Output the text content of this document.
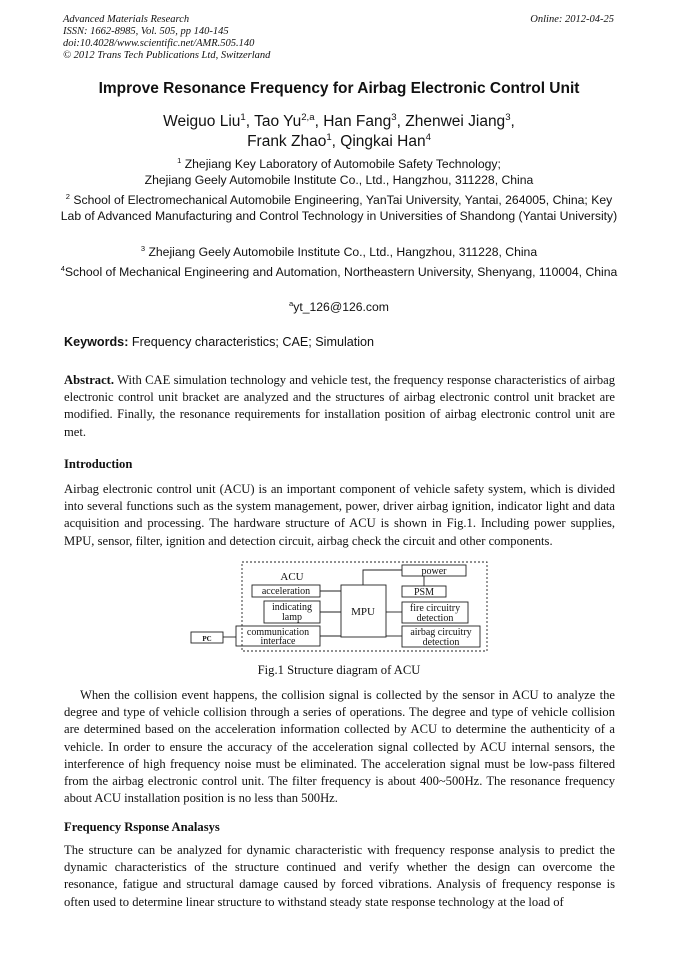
Advanced Materials Research
ISSN: 1662-8985, Vol. 505, pp 140-145
doi:10.4028/www.scientific.net/AMR.505.140
© 2012 Trans Tech Publications Ltd, Switzerland
Online: 2012-04-25
Improve Resonance Frequency for Airbag Electronic Control Unit
Weiguo Liu$^1$, Tao Yu$^{2,a}$, Han Fang$^3$, Zhenwei Jiang$^3$,
Frank Zhao$^1$, Qingkai Han$^4$
$^1$ Zhejiang Key Laboratory of Automobile Safety Technology;
Zhejiang Geely Automobile Institute Co., Ltd., Hangzhou, 311228, China
$^2$ School of Electromechanical Automobile Engineering, YanTai University, Yantai, 264005, China; Key Lab of Advanced Manufacturing and Control Technology in Universities of Shandong (Yantai University)
$^3$ Zhejiang Geely Automobile Institute Co., Ltd., Hangzhou, 311228, China
$^4$School of Mechanical Engineering and Automation, Northeastern University, Shenyang, 110004, China
$^a$yt_126@126.com
Keywords: Frequency characteristics; CAE; Simulation
Abstract. With CAE simulation technology and vehicle test, the frequency response characteristics of airbag electronic control unit bracket are analyzed and the structures of airbag electronic control unit bracket are modified. Finally, the resonance requirements for installation position of airbag electronic control unit are met.
Introduction
Airbag electronic control unit (ACU) is an important component of vehicle safety system, which is divided into several functions such as the system management, power, driver airbag ignition, indicator light and data acquisition and processing. The hardware structure of ACU is shown in Fig.1. Including power supplies, MPU, sensor, filter, ignition and detection circuit, airbag check the circuit and other components.
ACU
acceleration
indicating
lamp
communication
interface
PC
MPU
power
PSM
fire circuitry
detection
airbag circuitry
detection
Fig.1 Structure diagram of ACU
When the collision event happens, the collision signal is collected by the sensor in ACU to analyze the degree and type of vehicle collision through a series of operations. The degree and type of vehicle collision are determined based on the acceleration information collected by ACU to determine the authenticity of a vehicle. In order to ensure the accuracy of the acceleration signal collected by ACU internal sensors, the interference of high frequency noise must be eliminated. The acceleration signal must be low-pass filtered from the airbag electronic control unit. The filter frequency is about 400~500Hz. The resonance frequency about ACU installation position is no less than 500Hz.
Frequency Rsponse Analasys
The structure can be analyzed for dynamic characteristic with frequency response analysis to predict the dynamic characteristics of the structure continued and verify whether the design can overcome the resonance, fatigue and structural damage caused by forced vibrations. Analysis of frequency response is often used to determine linear structure to withstand steady state response technology at the load of
